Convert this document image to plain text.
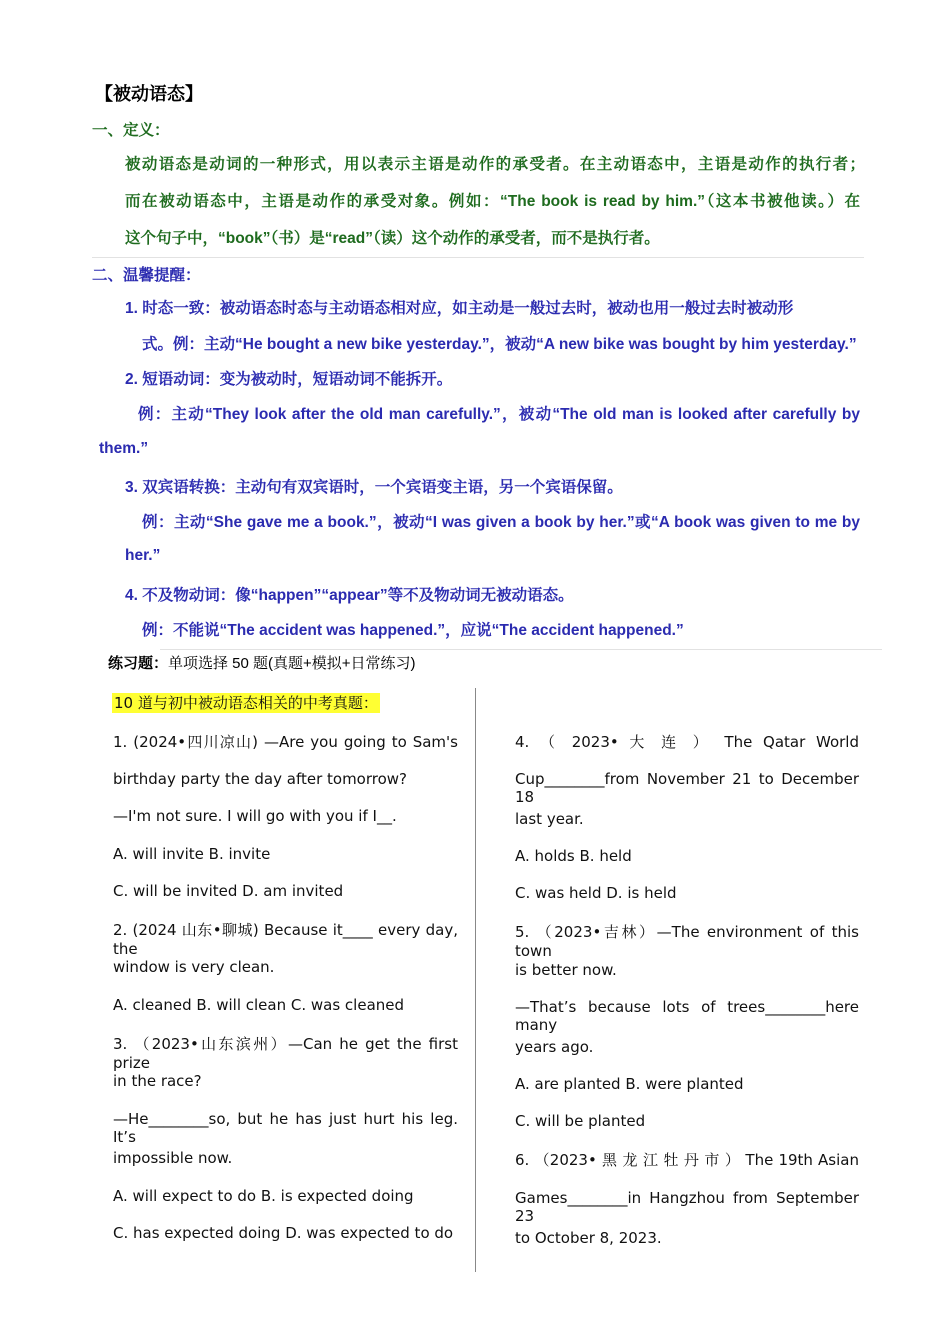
【被动语态】
一、定义：
被动语态是动词的一种形式，用以表示主语是动作的承受者。在主动语态中，主语是动作的执行者；
而在被动语态中，主语是动作的承受对象。例如：“The book is read by him.”（这本书被他读。）在
这个句子中，“book”（书）是“read”（读）这个动作的承受者，而不是执行者。
二、温馨提醒：
1. 时态一致：被动语态时态与主动语态相对应，如主动是一般过去时，被动也用一般过去时被动形
式。例：主动“He bought a new bike yesterday.”，被动“A new bike was bought by him yesterday.”
2. 短语动词：变为被动时，短语动词不能拆开。
例：主动“They look after the old man carefully.”，被动“The old man is looked after carefully by
them.”
3. 双宾语转换：主动句有双宾语时，一个宾语变主语，另一个宾语保留。
例：主动“She gave me a book.”，被动“I was given a book by her.”或“A book was given to me by
her.”
4. 不及物动词：像“happen”“appear”等不及物动词无被动语态。
例：不能说“The accident was happened.”，应说“The accident happened.”
练习题：单项选择 50 题(真题+模拟+日常练习)
10 道与初中被动语态相关的中考真题：
1. (2024•四川凉山) —Are you going to Sam's
birthday party the day after tomorrow?
—I'm not sure. I will go with you if I__.
A. will invite B. invite
C. will be invited D. am invited
2. (2024 山东•聊城) Because it____ every day, the
window is very clean.
A. cleaned B. will clean C. was cleaned
3. （2023•山东滨州）—Can he get the first prize
in the race?
—He________so, but he has just hurt his leg. It’s
impossible now.
A. will expect to do B. is expected doing
C. has expected doing D. was expected to do
4. （ 2023• 大 连 ） The Qatar World
Cup________from November 21 to December 18
last year.
A. holds B. held
C. was held D. is held
5. （2023•吉林）—The environment of this town
is better now.
—That’s because lots of trees________here many
years ago.
A. are planted B. were planted
C. will be planted
6. （2023• 黑 龙 江 牡 丹 市 ） The 19th Asian
Games________in Hangzhou from September 23
to October 8, 2023.
